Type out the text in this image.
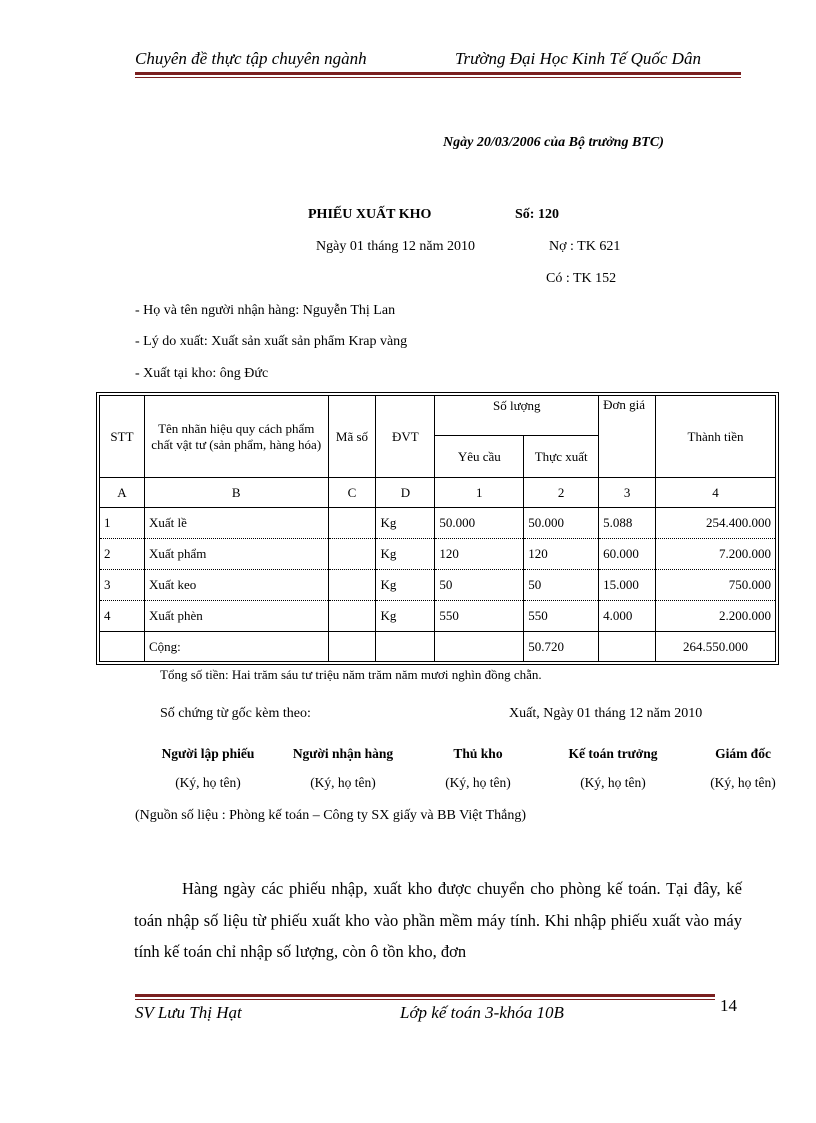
Chuyên đề thực tập chuyên ngành	Trường Đại Học Kinh Tế Quốc Dân
Ngày 20/03/2006 của Bộ trưởng BTC)
PHIẾU XUẤT KHO	Số: 120
Ngày 01 tháng 12 năm 2010	Nợ : TK 621
Có : TK 152
- Họ và tên người nhận hàng: Nguyễn Thị Lan
- Lý do xuất: Xuất sản xuất sản phẩm Krap vàng
- Xuất tại kho: ông Đức
STT	Tên nhãn hiệu quy cách phẩm chất vật tư (sản phẩm, hàng hóa)	Mã số	ĐVT	Số lượng		Đơn giá	Thành tiền
				Yêu cầu	Thực xuất		
A	B	C	D	1	2	3	4
1	Xuất lề		Kg	50.000	50.000	5.088	254.400.000
2	Xuất phẩm		Kg	120	120	60.000	7.200.000
3	Xuất keo		Kg	50	50	15.000	750.000
4	Xuất phèn		Kg	550	550	4.000	2.200.000
	Cộng:				50.720		264.550.000
Tổng số tiền: Hai trăm sáu tư triệu năm trăm năm mươi nghìn đồng chẵn.
Số chứng từ gốc kèm theo:	Xuất, Ngày 01 tháng 12 năm 2010
Người lập phiếu	Người nhận hàng	Thủ kho	Kế toán trưởng	Giám đốc
(Ký, họ tên)	(Ký, họ tên)	(Ký, họ tên)	(Ký, họ tên)	(Ký, họ tên)
(Nguồn số liệu : Phòng kế toán – Công ty SX giấy và BB Việt Thắng)
Hàng ngày các phiếu nhập, xuất kho được chuyển cho phòng kế toán. Tại đây, kế toán nhập số liệu từ phiếu xuất kho vào phần mềm máy tính. Khi nhập phiếu xuất vào máy tính kế toán chỉ nhập số lượng, còn ô tồn kho, đơn
SV Lưu Thị Hạt	Lớp kế toán 3-khóa 10B	14
